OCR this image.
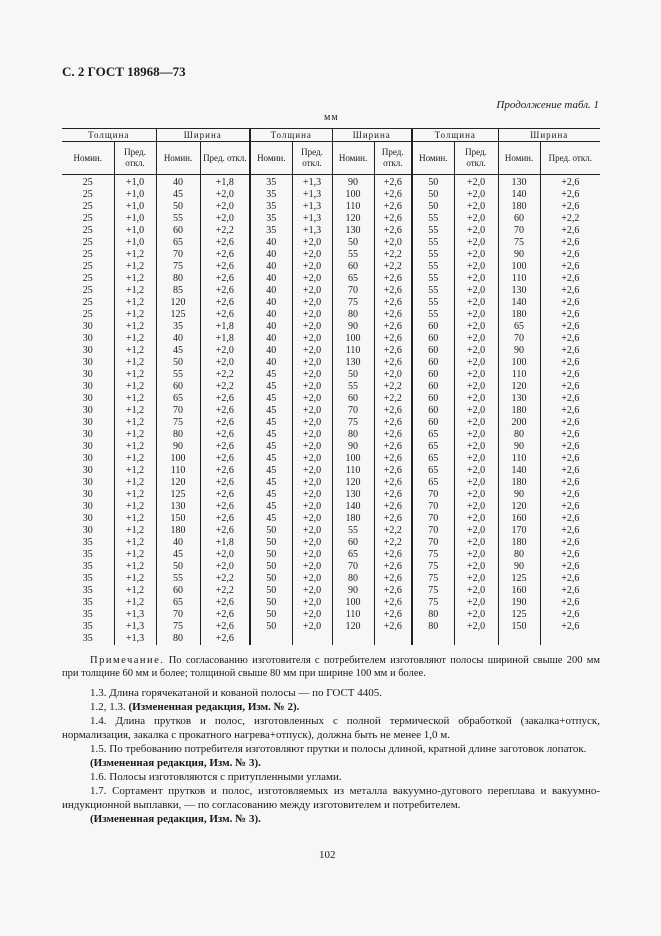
С. 2 ГОСТ 18968—73
Продолжение табл. 1
мм
Толщина		Ширина		Толщина		Ширина		Толщина		Ширина	
Номин.	Пред. откл.	Номин.	Пред. откл.	Номин.	Пред. откл.	Номин.	Пред. откл.	Номин.	Пред. откл.	Номин.	Пред. откл.
25	+1,0	40	+1,8	35	+1,3	90	+2,6	50	+2,0	130	+2,6
25	+1,0	45	+2,0	35	+1,3	100	+2,6	50	+2,0	140	+2,6
25	+1,0	50	+2,0	35	+1,3	110	+2,6	50	+2,0	180	+2,6
25	+1,0	55	+2,0	35	+1,3	120	+2,6	55	+2,0	60	+2,2
25	+1,0	60	+2,2	35	+1,3	130	+2,6	55	+2,0	70	+2,6
25	+1,0	65	+2,6	40	+2,0	50	+2,0	55	+2,0	75	+2,6
25	+1,2	70	+2,6	40	+2,0	55	+2,2	55	+2,0	90	+2,6
25	+1,2	75	+2,6	40	+2,0	60	+2,2	55	+2,0	100	+2,6
25	+1,2	80	+2,6	40	+2,0	65	+2,6	55	+2,0	110	+2,6
25	+1,2	85	+2,6	40	+2,0	70	+2,6	55	+2,0	130	+2,6
25	+1,2	120	+2,6	40	+2,0	75	+2,6	55	+2,0	140	+2,6
25	+1,2	125	+2,6	40	+2,0	80	+2,6	55	+2,0	180	+2,6
30	+1,2	35	+1,8	40	+2,0	90	+2,6	60	+2,0	65	+2,6
30	+1,2	40	+1,8	40	+2,0	100	+2,6	60	+2,0	70	+2,6
30	+1,2	45	+2,0	40	+2,0	110	+2,6	60	+2,0	90	+2,6
30	+1,2	50	+2,0	40	+2,0	130	+2,6	60	+2,0	100	+2,6
30	+1,2	55	+2,2	45	+2,0	50	+2,0	60	+2,0	110	+2,6
30	+1,2	60	+2,2	45	+2,0	55	+2,2	60	+2,0	120	+2,6
30	+1,2	65	+2,6	45	+2,0	60	+2,2	60	+2,0	130	+2,6
30	+1,2	70	+2,6	45	+2,0	70	+2,6	60	+2,0	180	+2,6
30	+1,2	75	+2,6	45	+2,0	75	+2,6	60	+2,0	200	+2,6
30	+1,2	80	+2,6	45	+2,0	80	+2,6	65	+2,0	80	+2,6
30	+1,2	90	+2,6	45	+2,0	90	+2,6	65	+2,0	90	+2,6
30	+1,2	100	+2,6	45	+2,0	100	+2,6	65	+2,0	110	+2,6
30	+1,2	110	+2,6	45	+2,0	110	+2,6	65	+2,0	140	+2,6
30	+1,2	120	+2,6	45	+2,0	120	+2,6	65	+2,0	180	+2,6
30	+1,2	125	+2,6	45	+2,0	130	+2,6	70	+2,0	90	+2,6
30	+1,2	130	+2,6	45	+2,0	140	+2,6	70	+2,0	120	+2,6
30	+1,2	150	+2,6	45	+2,0	180	+2,6	70	+2,0	160	+2,6
30	+1,2	180	+2,6	50	+2,0	55	+2,2	70	+2,0	170	+2,6
35	+1,2	40	+1,8	50	+2,0	60	+2,2	70	+2,0	180	+2,6
35	+1,2	45	+2,0	50	+2,0	65	+2,6	75	+2,0	80	+2,6
35	+1,2	50	+2,0	50	+2,0	70	+2,6	75	+2,0	90	+2,6
35	+1,2	55	+2,2	50	+2,0	80	+2,6	75	+2,0	125	+2,6
35	+1,2	60	+2,2	50	+2,0	90	+2,6	75	+2,0	160	+2,6
35	+1,2	65	+2,6	50	+2,0	100	+2,6	75	+2,0	190	+2,6
35	+1,3	70	+2,6	50	+2,0	110	+2,6	80	+2,0	125	+2,6
35	+1,3	75	+2,6	50	+2,0	120	+2,6	80	+2,0	150	+2,6
35	+1,3	80	+2,6								
Примечание. По согласованию изготовителя с потребителем изготовляют полосы шириной свыше 200 мм при толщине 60 мм и более; толщиной свыше 80 мм при ширине 100 мм и более.

1.3. Длина горячекатаной и кованой полосы — по ГОСТ 4405.

1.2, 1.3. (Измененная редакция, Изм. № 2).

1.4. Длина прутков и полос, изготовленных с полной термической обработкой (закалка+отпуск, нормализация, закалка с прокатного нагрева+отпуск), должна быть не менее 1,0 м.

1.5. По требованию потребителя изготовляют прутки и полосы длиной, кратной длине заготовок лопаток.

(Измененная редакция, Изм. № 3).

1.6. Полосы изготовляются с притупленными углами.

1.7. Сортамент прутков и полос, изготовляемых из металла вакуумно-дугового переплава и вакуумно-индукционной выплавки, — по согласованию между изготовителем и потребителем.

(Измененная редакция, Изм. № 3).

102
